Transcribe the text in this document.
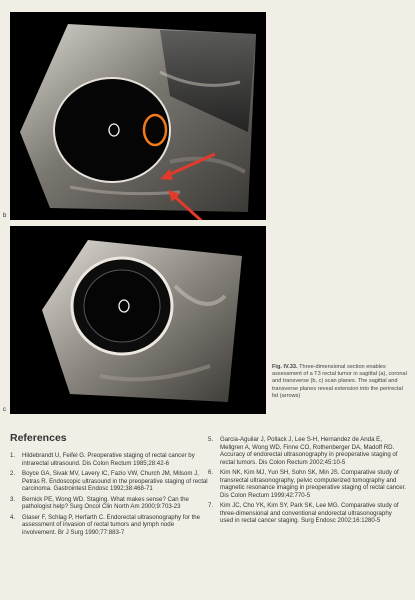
b
c
Fig. IV.33. Three-dimensional section enables assessment of a T3 rectal tumor in sagittal (a), coronal and transverse (b, c) scan planes. The sagittal and transverse planes reveal extension into the perirectal fat (arrows)
References
1.	Hildebrandt U, Feifel G. Preoperative staging of rectal cancer by intrarectal ultrasound. Dis Colon Rectum 1985;28:42-6
2.	Boyce GA, Sivak MV, Lavery IC, Fazio VW, Church JM, Milsom J, Petras R. Endoscopic ultrasound in the preoperative staging of rectal carcinoma. Gastrointest Endosc 1992;38:468-71
3.	Bernick PE, Wong WD. Staging. What makes sense? Can the pathologist help? Surg Oncol Clin North Am 2000;9:703-23
4.	Glaser F, Schlag P, Herfarth C. Endorectal ultrasonography for the assessment of invasion of rectal tumors and lymph node involvement. Br J Surg 1990;77:883-7
5.	Garcia-Aguilar J, Pollack J, Lee S-H, Hernandez de Anda E, Mellgren A, Wong WD, Finne CO, Rothenberger DA, Madoff RD. Accuracy of endorectal ultrasonography in preoperative staging of rectal tumors. Dis Colon Rectum 2002;45:10-5
6.	Kim NK, Kim MJ, Yun SH, Sohn SK, Min JS. Comparative study of transrectal ultrasonography, pelvic computerized tomography and magnetic resonance imaging in preoperative staging of rectal cancer. Dis Colon Rectum 1999;42:770-5
7.	Kim JC, Cho YK, Kim SY, Park SK, Lee MG. Comparative study of three-dimensional and conventional endorectal ultrasonography used in rectal cancer staging. Surg Endosc 2002;16:1280-5
